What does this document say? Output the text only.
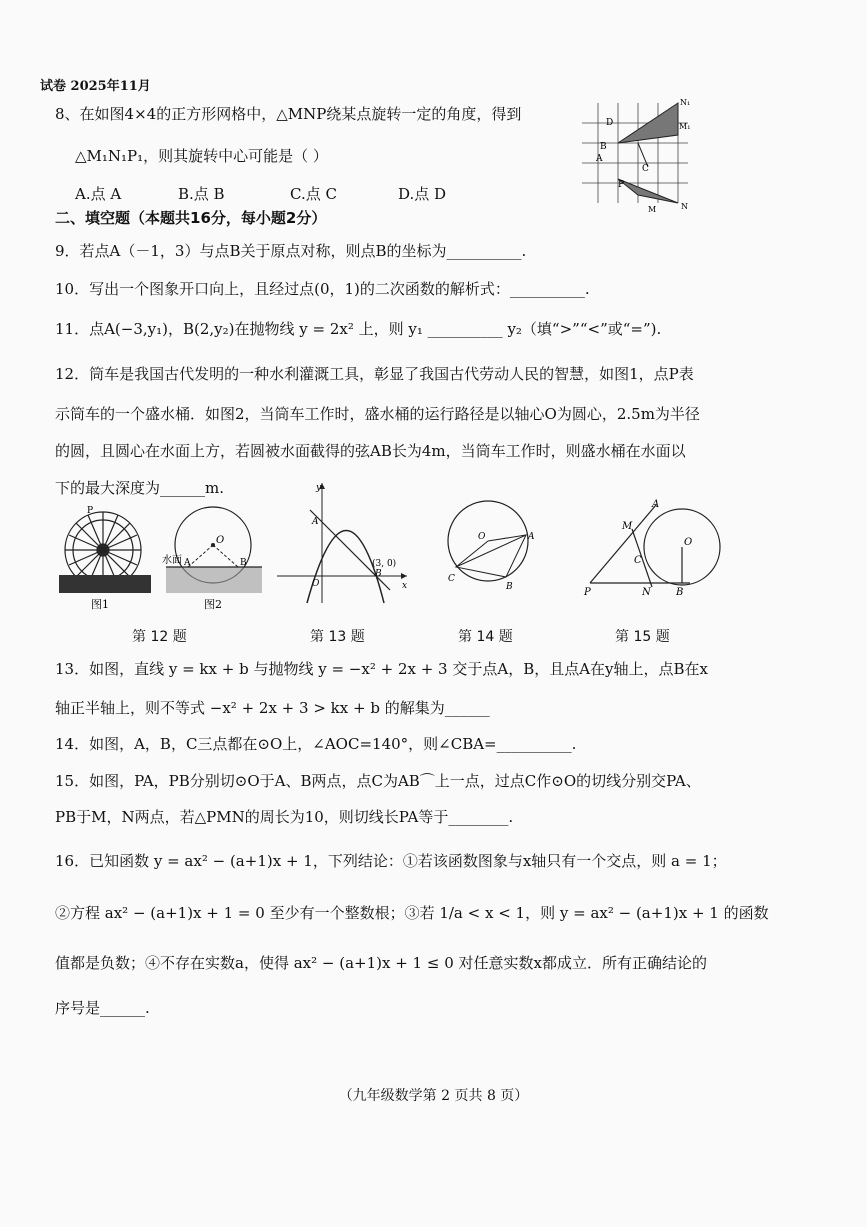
试卷 2025年11月
8、在如图4×4的正方形网格中，△MNP绕某点旋转一定的角度，得到
△M₁N₁P₁，则其旋转中心可能是（ ）
A.点 A	B.点 B	C.点 C	D.点 D
D
B
A
C
P
N₁
M₁
M	N
二、填空题（本题共16分，每小题2分）
9．若点A（－1，3）与点B关于原点对称，则点B的坐标为__________.
10．写出一个图象开口向上，且经过点(0，1)的二次函数的解析式：__________.
11．点A(−3,y₁)，B(2,y₂)在抛物线 y = 2x² 上，则 y₁ __________ y₂（填“>”“<”或“=”).
12．筒车是我国古代发明的一种水利灌溉工具，彰显了我国古代劳动人民的智慧，如图1，点P表
示筒车的一个盛水桶．如图2，当筒车工作时，盛水桶的运行路径是以轴心O为圆心，2.5m为半径
的圆，且圆心在水面上方，若圆被水面截得的弦AB长为4m，当筒车工作时，则盛水桶在水面以
下的最大深度为______m.
P
图1
O
A	B
水面
图2
y
x
A
O
B
(3, 0)
O	A
C
B
O
A
M
C
P	N	B
第 12 题	第 13 题	第 14 题	第 15 题
13．如图，直线 y = kx + b 与抛物线 y = −x² + 2x + 3 交于点A，B，且点A在y轴上，点B在x
轴正半轴上，则不等式 −x² + 2x + 3 > kx + b 的解集为______
14．如图，A，B，C三点都在⊙O上，∠AOC=140°，则∠CBA=__________.
15．如图，PA，PB分别切⊙O于A、B两点，点C为AB⌒上一点，过点C作⊙O的切线分别交PA、
PB于M，N两点，若△PMN的周长为10，则切线长PA等于________.
16．已知函数 y = ax² − (a+1)x + 1，下列结论：①若该函数图象与x轴只有一个交点，则 a = 1；
②方程 ax² − (a+1)x + 1 = 0 至少有一个整数根；③若 1/a < x < 1，则 y = ax² − (a+1)x + 1 的函数
值都是负数；④不存在实数a，使得 ax² − (a+1)x + 1 ≤ 0 对任意实数x都成立．所有正确结论的
序号是______.
（九年级数学第 2 页共 8 页）
